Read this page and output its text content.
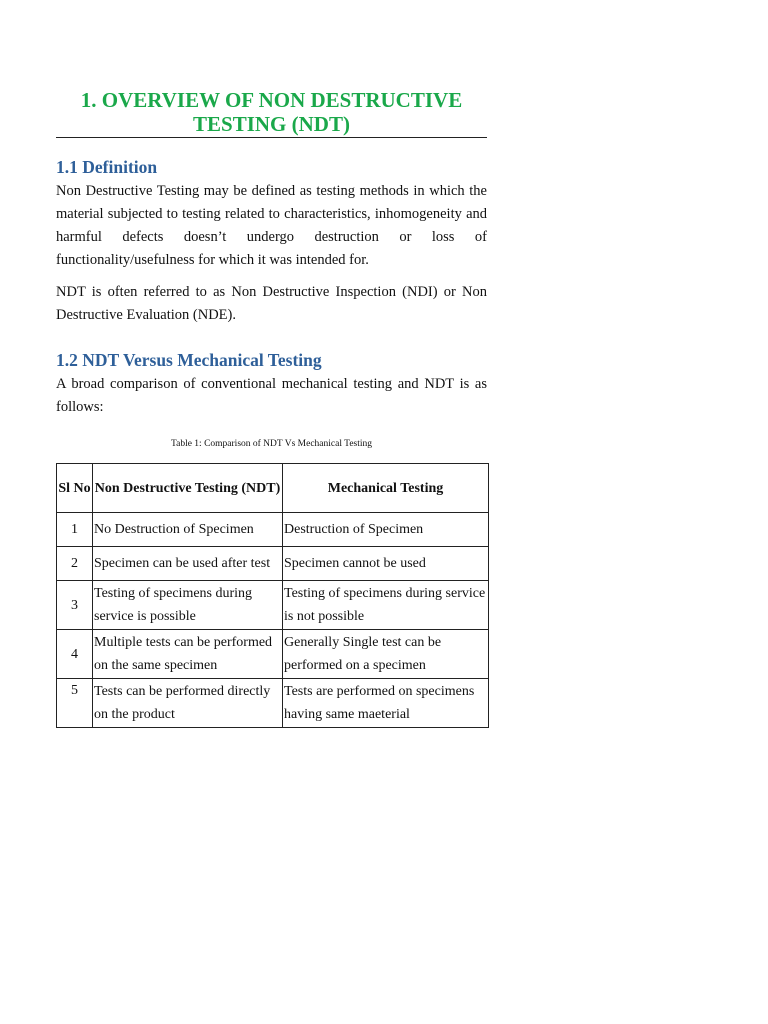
1. OVERVIEW OF NON DESTRUCTIVE TESTING (NDT)
1.1 Definition

Non Destructive Testing may be defined as testing methods in which the material subjected to testing related to characteristics, inhomogeneity and harmful defects doesn’t undergo destruction or loss of
functionality/usefulness for which it was intended for.

NDT is often referred to as Non Destructive Inspection (NDI) or Non Destructive Evaluation (NDE).

1.2 NDT Versus Mechanical Testing

A broad comparison of conventional mechanical testing and NDT is as follows:

Table 1: Comparison of NDT Vs Mechanical Testing

Sl No	Non Destructive Testing (NDT)	Mechanical Testing
1	No Destruction of Specimen	Destruction of Specimen
2	Specimen can be used after test	Specimen cannot be used
3	Testing of specimens during service is possible	Testing of specimens during service is not possible
4	Multiple tests can be performed on the same specimen	Generally Single test can be performed on a specimen
5	Tests can be performed directly on the product	Tests are performed on specimens having same maeterial
